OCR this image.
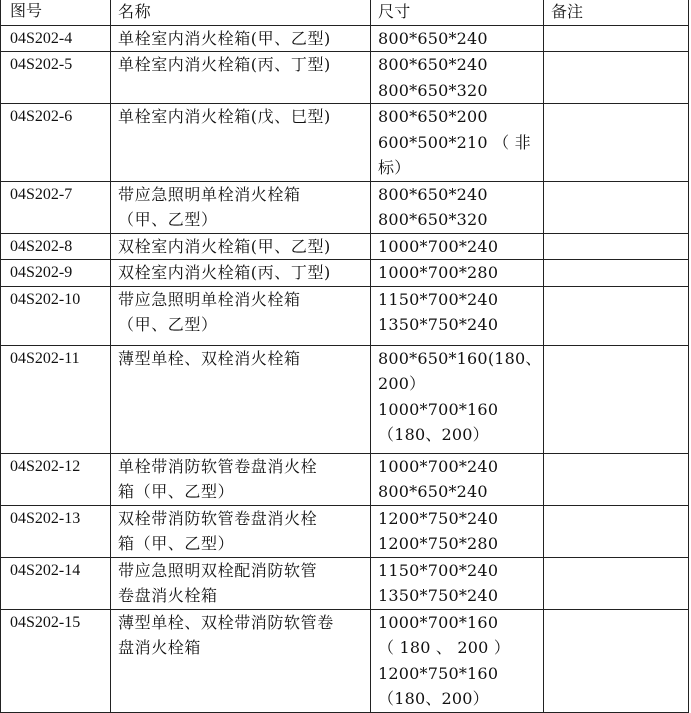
图号	名称	尺寸	备注
04S202-4	单栓室内消火栓箱(甲、乙型)	800*650*240	

04S202-5	单栓室内消火栓箱(丙、丁型)	800*650*240
800*650*320	

04S202-6	单栓室内消火栓箱(戊、巳型)	800*650*200
600*500*210 （ 非
标）	

04S202-7	带应急照明单栓消火栓箱
（甲、乙型）	800*650*240
800*650*320	

04S202-8	双栓室内消火栓箱(甲、乙型)	1000*700*240	

04S202-9	双栓室内消火栓箱(丙、丁型)	1000*700*280	

04S202-10	带应急照明单栓消火栓箱
（甲、乙型）	1150*700*240
1350*750*240	

04S202-11	薄型单栓、双栓消火栓箱	800*650*160(180、
200）
1000*700*160
（180、200）	

04S202-12	单栓带消防软管卷盘消火栓
箱（甲、乙型）	1000*700*240
800*650*240	

04S202-13	双栓带消防软管卷盘消火栓
箱（甲、乙型）	1200*750*240
1200*750*280	

04S202-14	带应急照明双栓配消防软管
卷盘消火栓箱	1150*700*240
1350*750*240	

04S202-15	薄型单栓、双栓带消防软管卷
盘消火栓箱	1000*700*160
（ 180 、 200 ）
1200*750*160
（180、200）	
